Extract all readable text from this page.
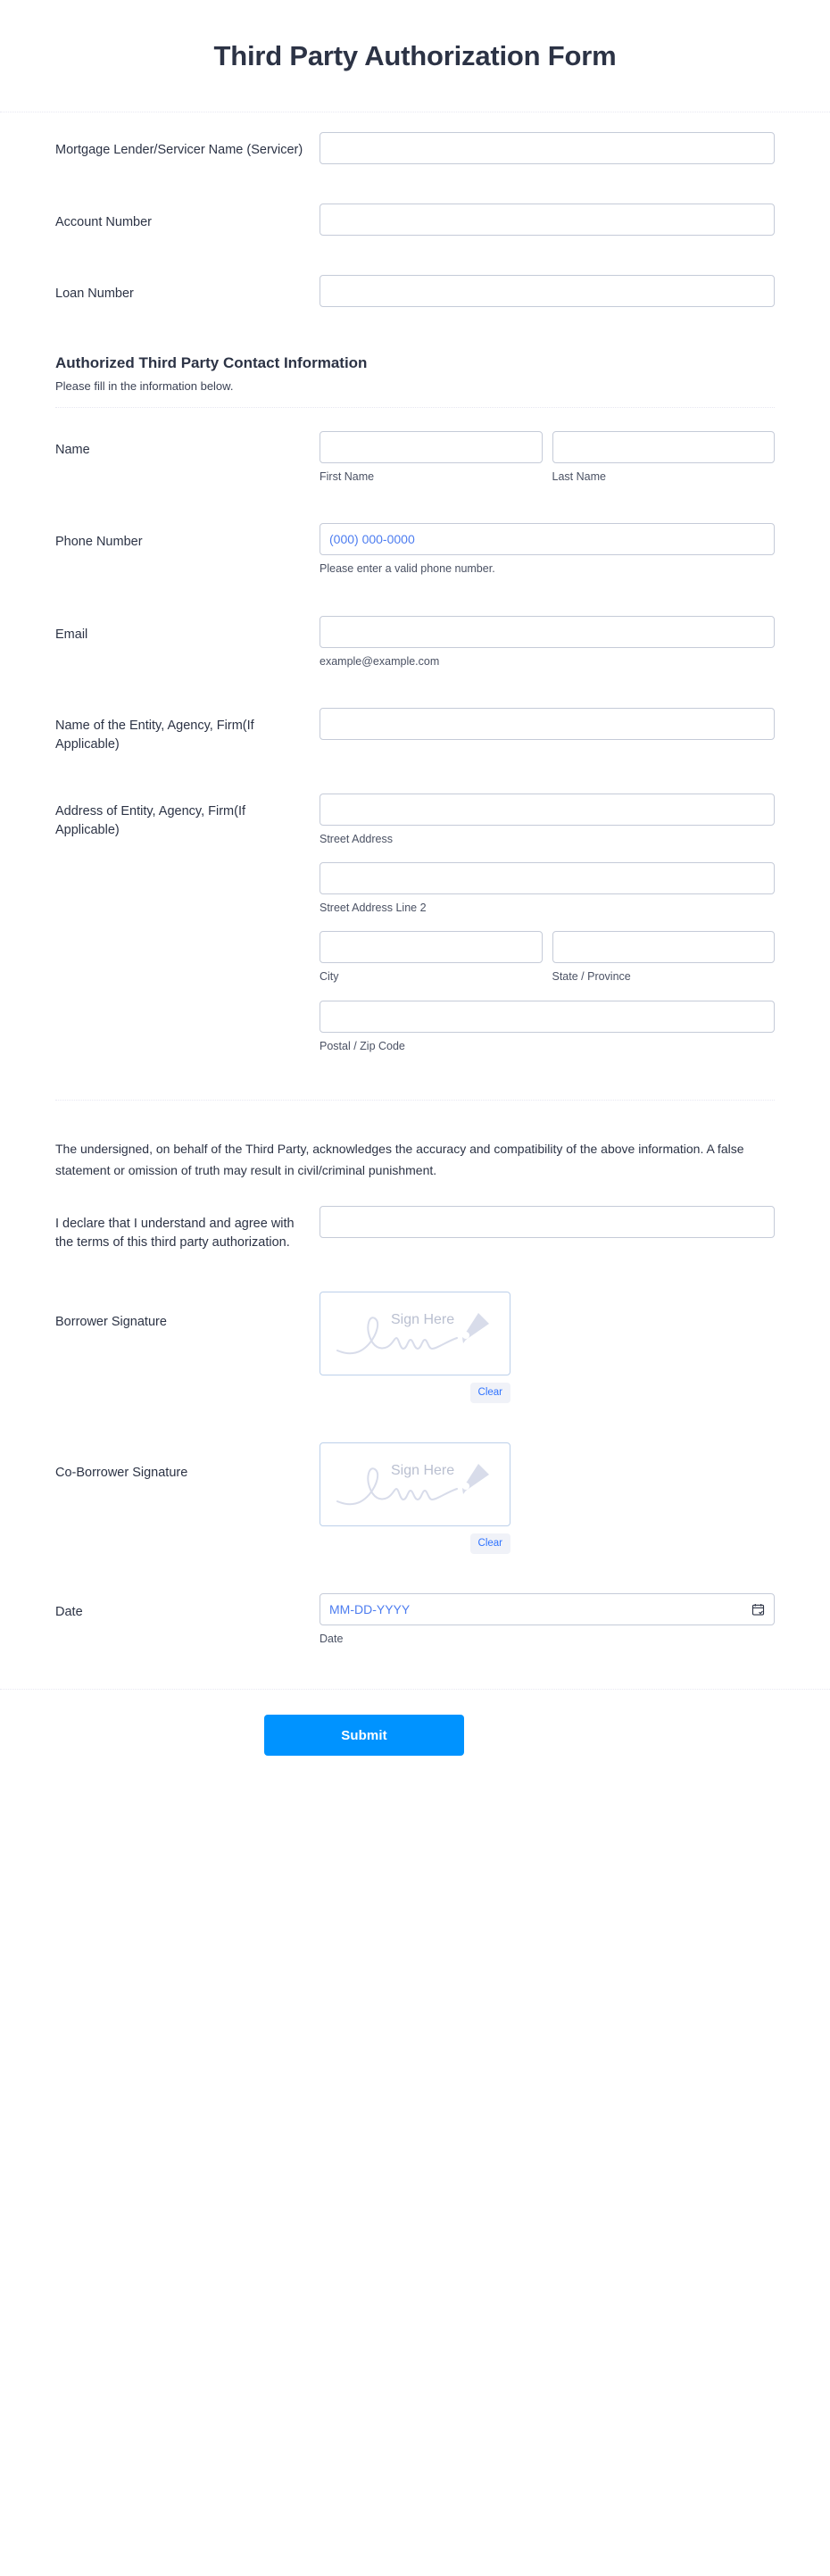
Third Party Authorization Form
Mortgage Lender/Servicer Name (Servicer)
Account Number
Loan Number
Authorized Third Party Contact Information

Please fill in the information below.

Name
First Name	Last Name
Phone Number
(000) 000-0000
Please enter a valid phone number.
Email
example@example.com
Name of the Entity, Agency, Firm(If Applicable)
Address of Entity, Agency, Firm(If Applicable)
Street Address
Street Address Line 2
City	State / Province
Postal / Zip Code

The undersigned, on behalf of the Third Party, acknowledges the accuracy and compatibility of the above information. A false statement or omission of truth may result in civil/criminal punishment.

I declare that I understand and agree with the terms of this third party authorization.
Borrower Signature	Sign Here
Clear
Co-Borrower Signature	Sign Here
Clear
Date
MM-DD-YYYY
Date
Submit
